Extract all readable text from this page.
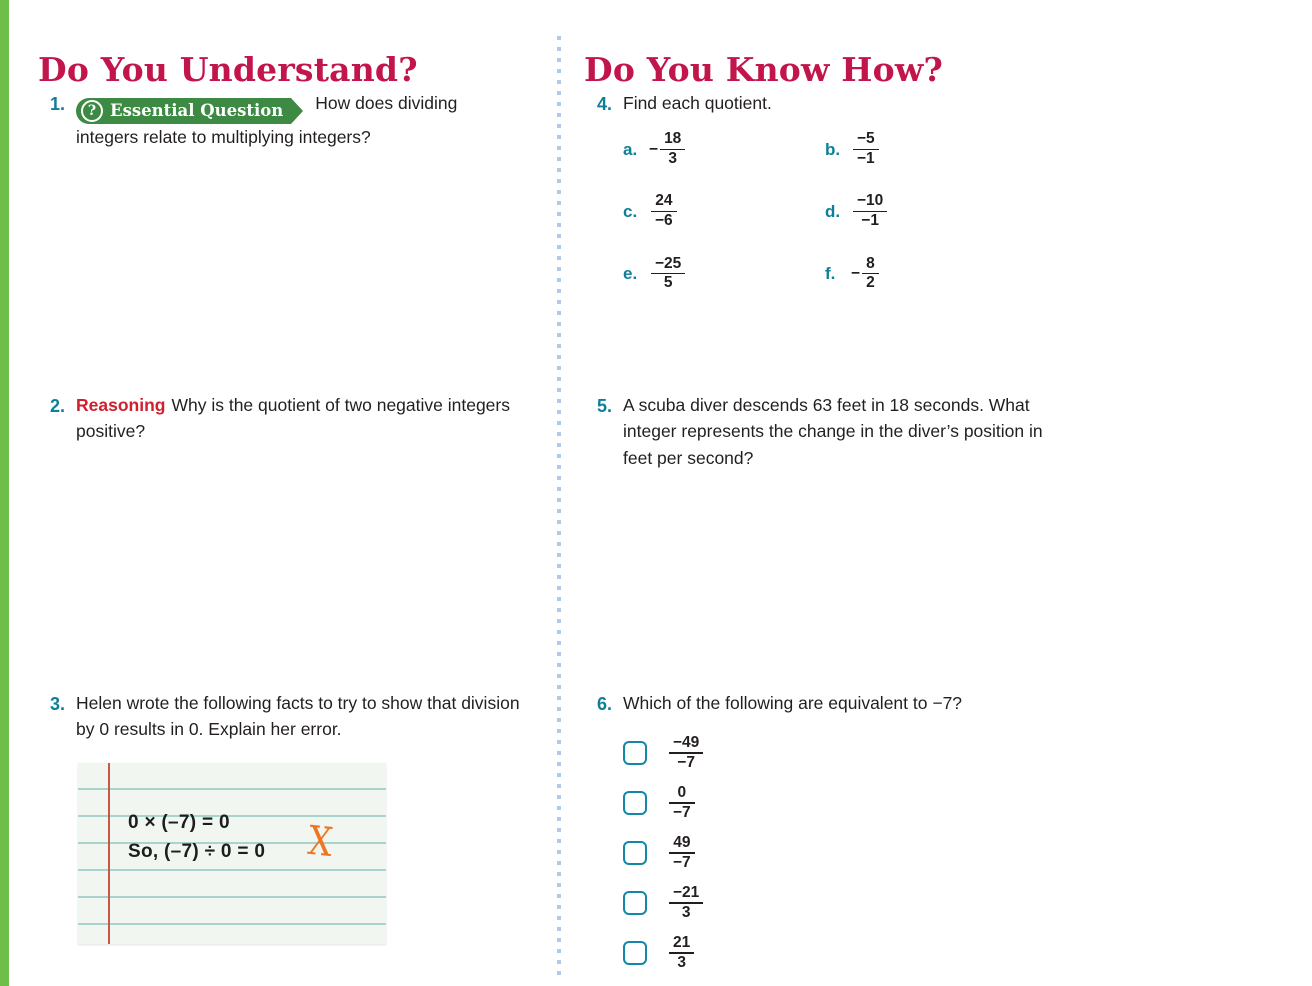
Do You Understand?	Do You Know How?
1.	? Essential Question How does dividing integers relate to multiplying integers?
2. Reasoning Why is the quotient of two negative integers positive?
3. Helen wrote the following facts to try to show that division by 0 results in 0. Explain her error.
0 × (–7) = 0
So, (–7) ÷ 0 = 0 X
4. Find each quotient.
a. − $\frac{18}{3}$	b. $\frac{-5}{-1}$
c. $\frac{24}{-6}$	d. $\frac{-10}{-1}$
e. $\frac{-25}{5}$	f.	− $\frac{8}{2}$
5. A scuba diver descends 63 feet in 18 seconds. What integer represents the change in the diver’s position in feet per second?
6. Which of the following are equivalent to −7?
$\frac{-49}{-7}$
$\frac{0}{-7}$
$\frac{49}{-7}$
$\frac{-21}{3}$
$\frac{21}{3}$
